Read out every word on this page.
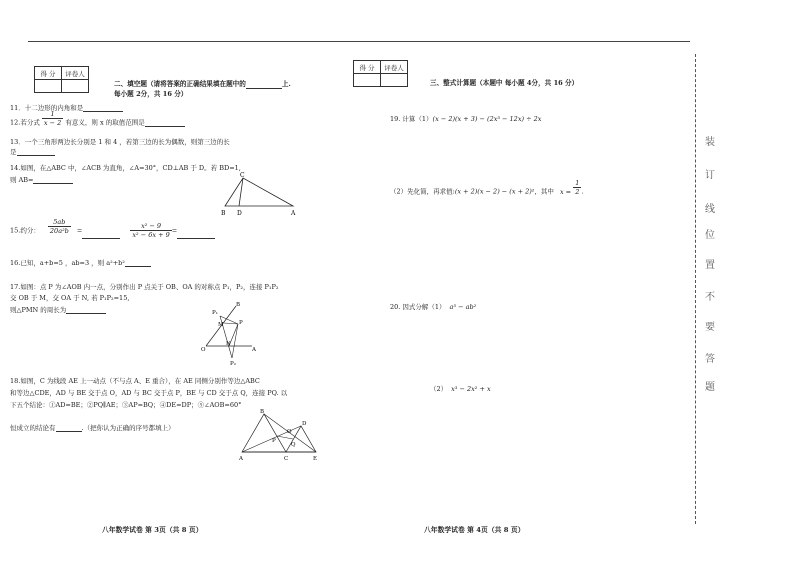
得 分	评卷人

二、填空题（请将答案的正确结果填在题中的	上.
每小题 2分，共 16 分）
11．十二边形的内角和是
12.若分式 $\frac{1}{x - 2}$ 有意义，则 x 的取值范围是
13．一个三角形两边长分别是 1 和 4 ，若第三边的长为偶数，则第三边的长
是
14.如图，在△ABC 中，∠ACB 为直角，∠A=30°，CD⊥AB 于 D。若 BD=1,
则 AB=
C
B D	A
15.约分： $\frac{5ab}{\text{20a²b}}$ =	$\frac{\text{x² − 9}}{\text{x² − 6x + 9}}$ =
16.已知，a+b=5 ，ab=3 ，则 a²+b²
17.如图：点 P 为∠AOB 内一点，分别作出 P 点关于 OB、OA 的对称点 P₁，P₂，连接 P₁P₂
交 OB 于 M，交 OA 于 N, 若 P₁P₂=15,
则△PMN 的周长为	P₁
M	P
B
O
N
A
P₂
18.如图，C 为线段 AE 上一动点（不与点 A、E 重合），在 AE 同侧分别作等边△ABC
和等边△CDE，AD 与 BE 交于点 O，AD 与 BC 交于点 P，BE 与 CD 交于点 Q，连接 PQ. 以
下五个结论：①AD=BE；②PQ∥AE；③AP=BQ；④DE=DP；⑤∠AOB=60°
恒成立的结论有	.（把你认为正确的序号都填上）
B
D
O
P
Q
A	C	E
八年数学试卷 第 3页（共 8 页）
得 分	评卷人

三、整式计算题（本题中 每小题 4分，共 16 分）
19. 计算（1）(x − 2)(x + 3) − (2x³ − 12x) ÷ 2x
（2）先化简，再求值:(x + 2)(x − 2) − (x + 2)²，其中 $x = \frac{1}{2}$ .
20. 因式分解（1） a³ − ab²
（2） x³ − 2x² + x
八年数学试卷 第 4页（共 8 页）
装
订
线
位
置
不
要
答
题
